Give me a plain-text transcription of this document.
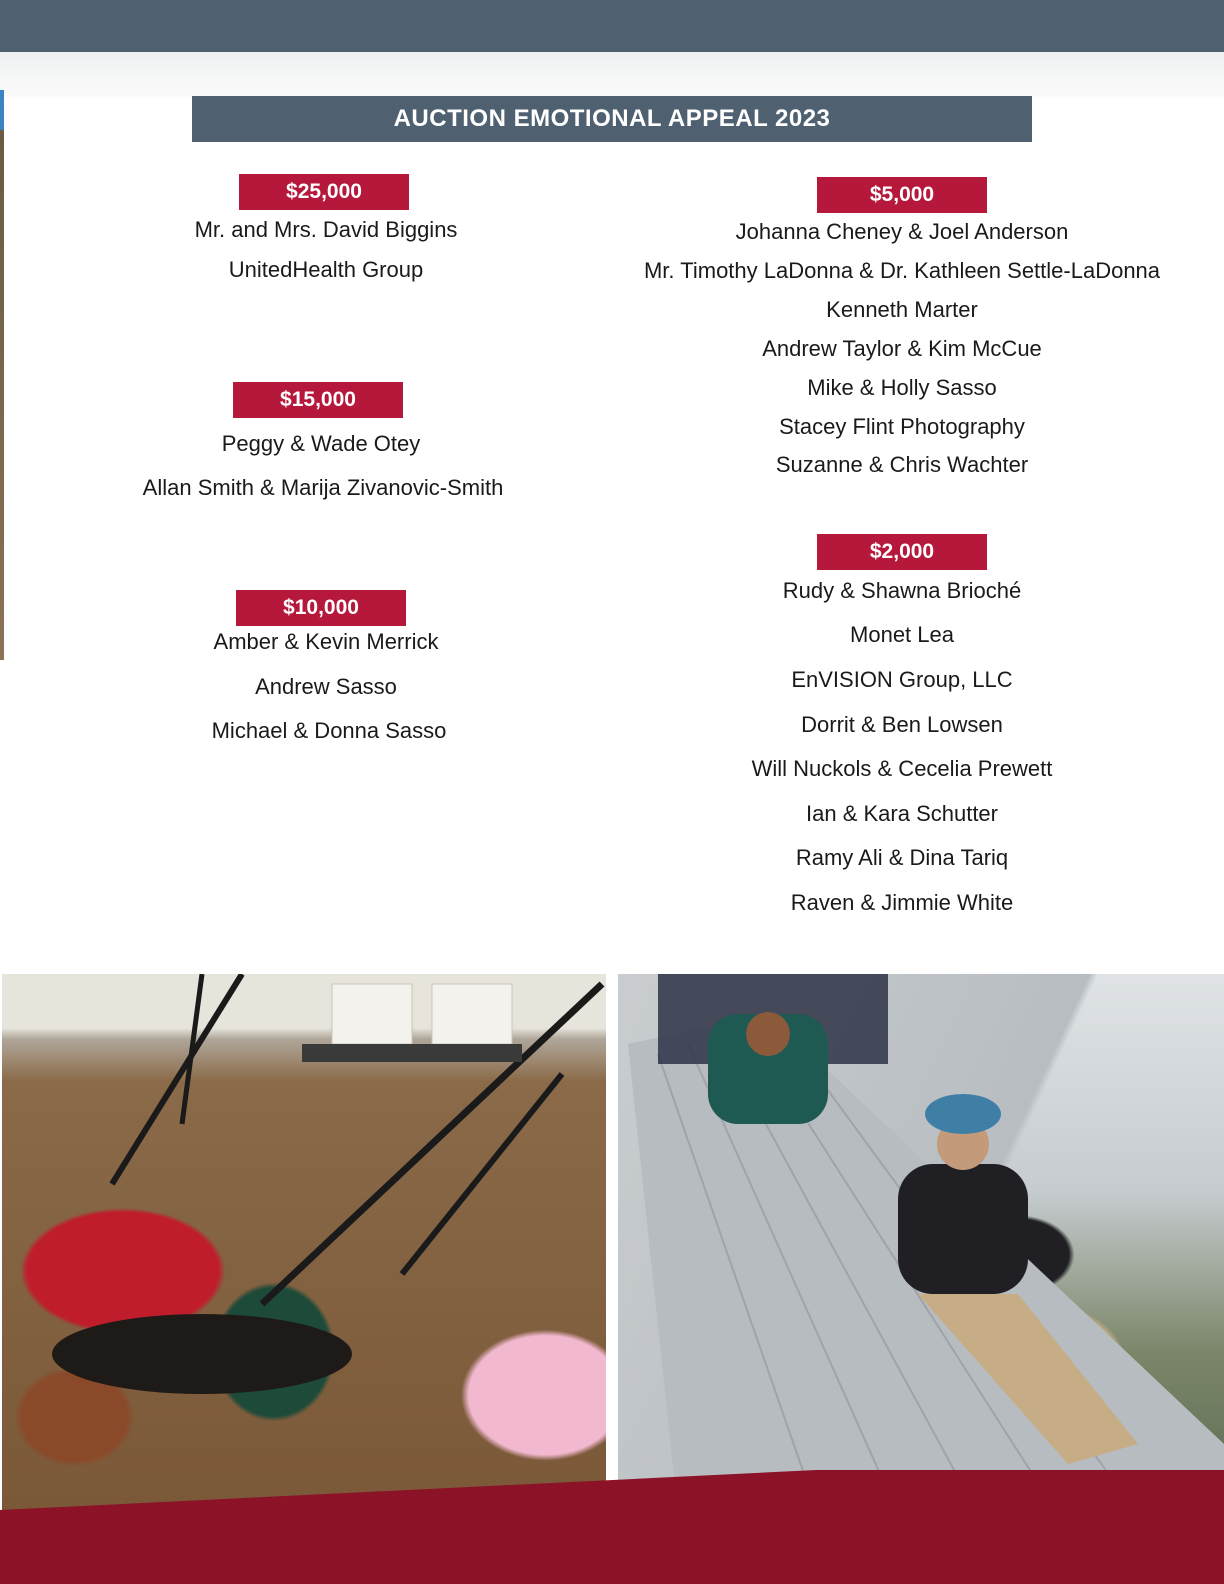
AUCTION EMOTIONAL APPEAL 2023
$25,000
Mr. and Mrs. David Biggins
UnitedHealth Group
$15,000
Peggy & Wade Otey
Allan Smith & Marija Zivanovic-Smith
$10,000
Amber & Kevin Merrick
Andrew Sasso
Michael & Donna Sasso
$5,000
Johanna Cheney & Joel Anderson
Mr. Timothy LaDonna & Dr. Kathleen Settle-LaDonna
Kenneth Marter
Andrew Taylor & Kim McCue
Mike & Holly Sasso
Stacey Flint Photography
Suzanne & Chris Wachter
$2,000
Rudy & Shawna Brioché
Monet Lea
EnVISION Group, LLC
Dorrit & Ben Lowsen
Will Nuckols & Cecelia Prewett
Ian & Kara Schutter
Ramy Ali & Dina Tariq
Raven & Jimmie White
